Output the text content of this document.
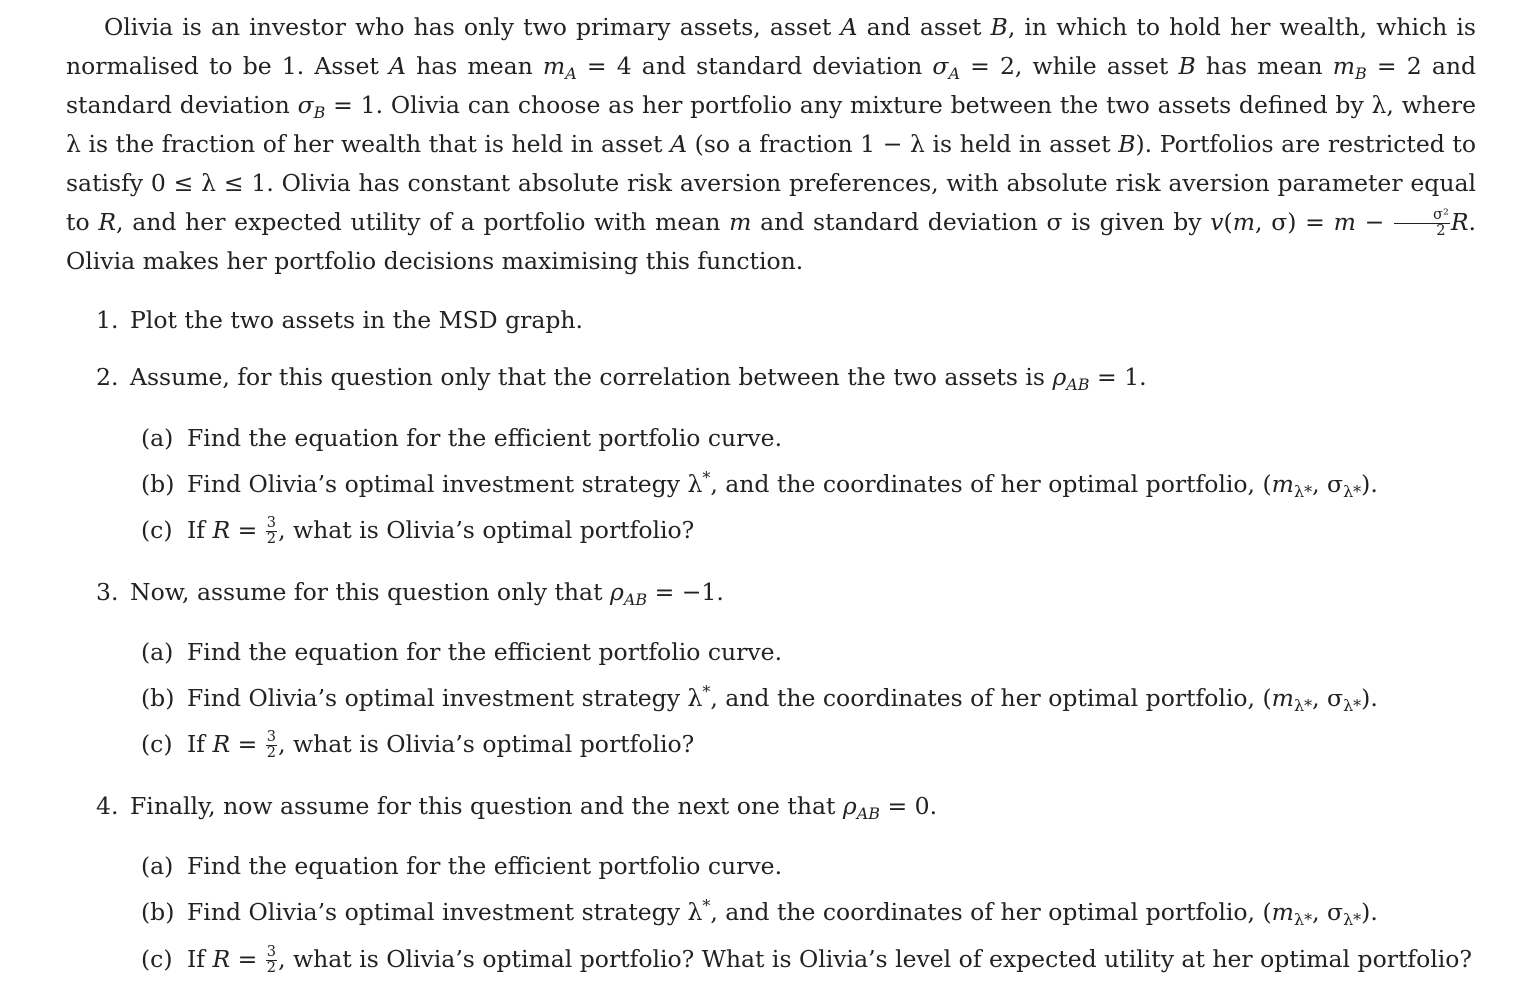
Olivia is an investor who has only two primary assets, asset A and asset B, in which to hold her wealth, which is normalised to be 1. Asset A has mean $m_A = 4$ and standard deviation $\sigma_A = 2$, while asset B has mean $m_B = 2$ and standard deviation $\sigma_B = 1$. Olivia can choose as her portfolio any mixture between the two assets defined by λ, where λ is the fraction of her wealth that is held in asset A (so a fraction 1 − λ is held in asset B). Portfolios are restricted to satisfy 0 ≤ λ ≤ 1. Olivia has constant absolute risk aversion preferences, with absolute risk aversion parameter equal to R, and her expected utility of a portfolio with mean m and standard deviation σ is given by v(m, $\sigma) = m - \frac{\text{σ²}}{2} R$. Olivia makes her portfolio decisions maximising this function.

1. Plot the two assets in the MSD graph.
2. Assume, for this question only that the correlation between the two assets is $\rho_{AB} = 1$.
(a) Find the equation for the efficient portfolio curve.
(b) Find Olivia’s optimal investment strategy λ*, and the coordinates of her optimal portfolio, ($m_{\lambda*}$, $\sigma_{\lambda*}$).
(c) If $R = \frac{3}{2}$ , what is Olivia’s optimal portfolio?
3. Now, assume for this question only that $\rho_{AB} = -1$.
(a) Find the equation for the efficient portfolio curve.
(b) Find Olivia’s optimal investment strategy λ*, and the coordinates of her optimal portfolio, ($m_{\lambda*}$, $\sigma_{\lambda*}$).
(c) If $R = \frac{3}{2}$ , what is Olivia’s optimal portfolio?
4. Finally, now assume for this question and the next one that $\rho_{AB} = 0$.
(a) Find the equation for the efficient portfolio curve.
(b) Find Olivia’s optimal investment strategy λ*, and the coordinates of her optimal portfolio, ($m_{\lambda*}$, $\sigma_{\lambda*}$).
(c) If $R = \frac{3}{2}$ , what is Olivia’s optimal portfolio? What is Olivia’s level of expected utility at her optimal portfolio?
